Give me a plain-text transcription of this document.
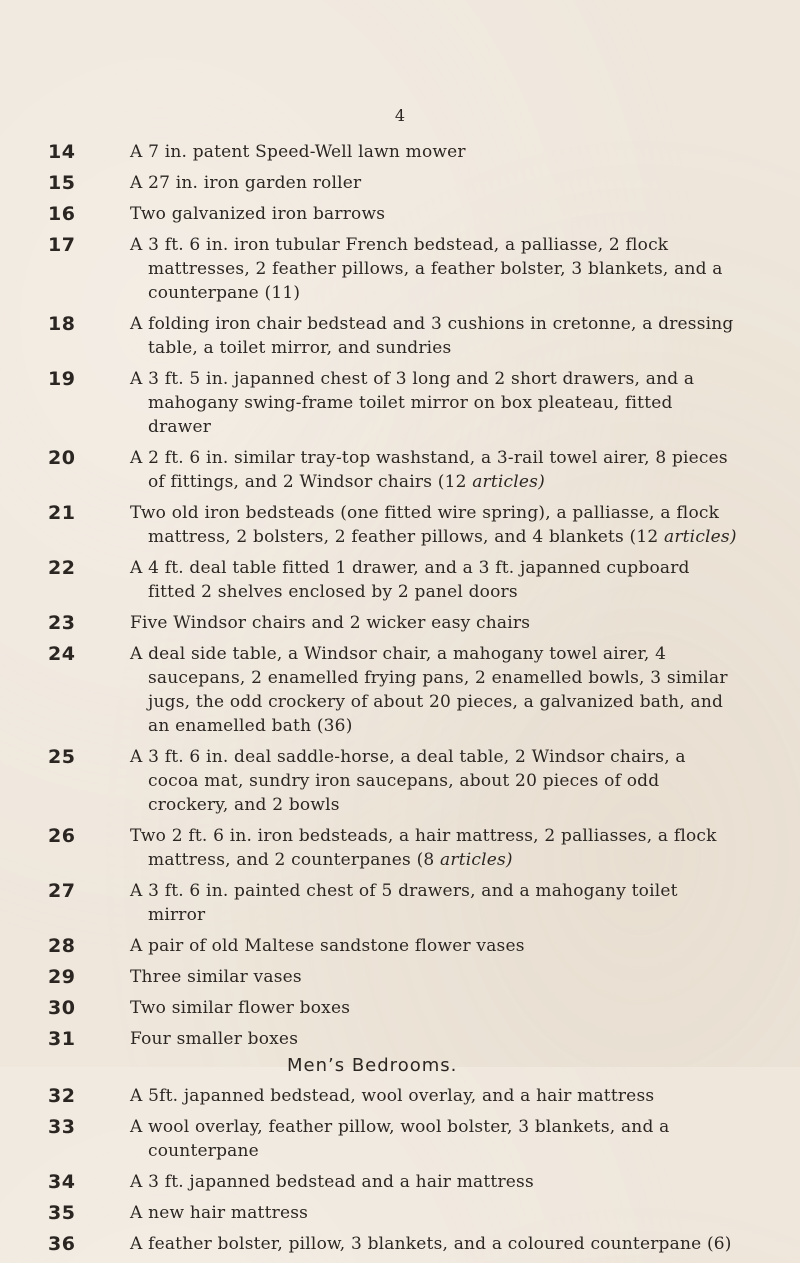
4
14	A 7 in. patent Speed-Well lawn mower
15	A 27 in. iron garden roller
16	Two galvanized iron barrows
17	A 3 ft. 6 in. iron tubular French bedstead, a palliasse, 2 flock mattresses, 2 feather pillows, a feather bolster, 3 blankets, and a counterpane (11)
18	A folding iron chair bedstead and 3 cushions in cretonne, a dressing table, a toilet mirror, and sundries
19	A 3 ft. 5 in. japanned chest of 3 long and 2 short drawers, and a mahogany swing-frame toilet mirror on box pleateau, fitted drawer
20	A 2 ft. 6 in. similar tray-top washstand, a 3-rail towel airer, 8 pieces of fittings, and 2 Windsor chairs (12 articles)
21	Two old iron bedsteads (one fitted wire spring), a palliasse, a flock mattress, 2 bolsters, 2 feather pillows, and 4 blankets (12 articles)
22	A 4 ft. deal table fitted 1 drawer, and a 3 ft. japanned cupboard fitted 2 shelves enclosed by 2 panel doors
23	Five Windsor chairs and 2 wicker easy chairs
24	A deal side table, a Windsor chair, a mahogany towel airer, 4 saucepans, 2 enamelled frying pans, 2 enamelled bowls, 3 similar jugs, the odd crockery of about 20 pieces, a galvanized bath, and an enamelled bath (36)
25	A 3 ft. 6 in. deal saddle-horse, a deal table, 2 Windsor chairs, a cocoa mat, sundry iron saucepans, about 20 pieces of odd crockery, and 2 bowls
26	Two 2 ft. 6 in. iron bedsteads, a hair mattress, 2 palliasses, a flock mattress, and 2 counterpanes (8 articles)
27	A 3 ft. 6 in. painted chest of 5 drawers, and a mahogany toilet mirror
28	A pair of old Maltese sandstone flower vases
29	Three similar vases
30	Two similar flower boxes
31	Four smaller boxes
Men’s Bedrooms.
32	A 5ft. japanned bedstead, wool overlay, and a hair mattress
33	A wool overlay, feather pillow, wool bolster, 3 blankets, and a counterpane
34	A 3 ft. japanned bedstead and a hair mattress
35	A new hair mattress
36	A feather bolster, pillow, 3 blankets, and a coloured counterpane (6)
